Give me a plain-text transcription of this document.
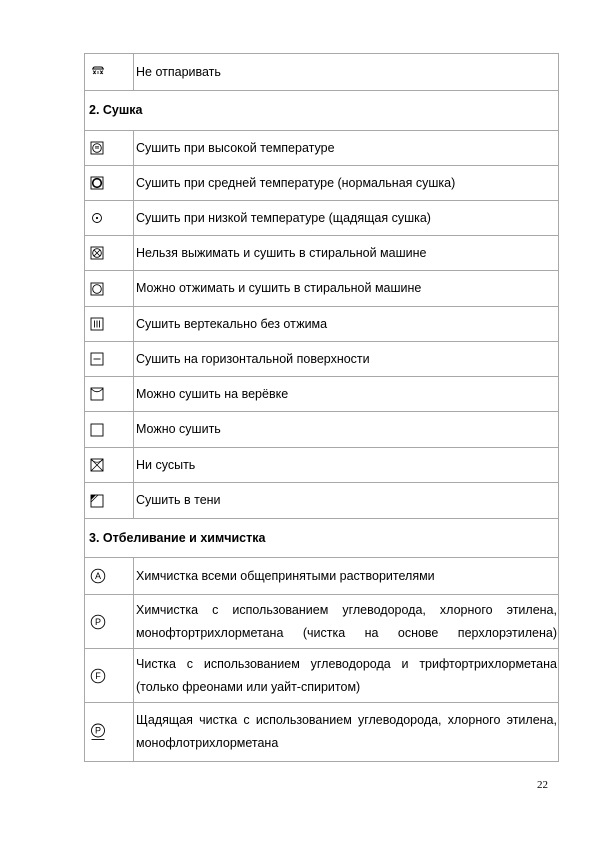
	Не отпаривать
2. Сушка	

	Сушить при высокой температуре

	Сушить при средней температуре (нормальная сушка)

	Сушить при низкой температуре (щадящая сушка)

	Нельзя выжимать и сушить в стиральной машине

	Можно отжимать и сушить в стиральной машине

	Сушить вертекально без отжима

	Сушить на горизонтальной поверхности

	Можно сушить на верёвке

	Можно сушить

	Ни сусыть

	Сушить в тени
3. Отбеливание и химчистка	

A	Химчистка всеми общепринятыми растворителями

P	Химчистка с использованием углеводорода, хлорного этилена, монофтортрихлорметана (чистка на основе перхлорэтилена)

F	Чистка с использованием углеводорода и трифтортрихлорметана (только фреонами или уайт-спиритом)

P	Щадящая чистка с использованием углеводорода, хлорного этилена, монофлотрихлорметана
22
